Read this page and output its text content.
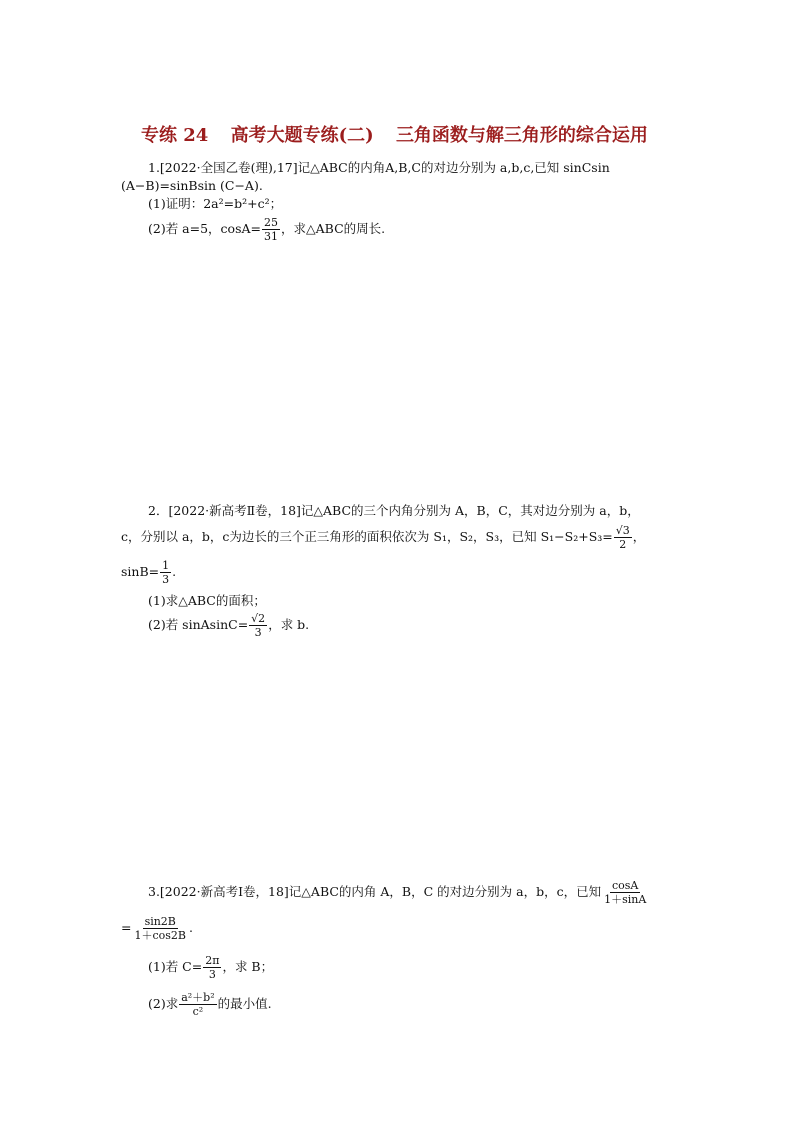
专练 24 高考大题专练(二) 三角函数与解三角形的综合运用
1.[2022·全国乙卷(理),17]记△ABC的内角A,B,C的对边分别为 a,b,c,已知 sinCsin
(A−B)=sinBsin (C−A).
(1)证明：2a²=b²+c²；
(2)若 a=5，$\cos A= \frac{25}{31}$ ，求△ABC的周长.
2．[2022·新高考Ⅱ卷，18]记△ABC的三个内角分别为 A，B，C，其对边分别为 a，b，
c，分别以 a，b，c为边长的三个正三角形的面积依次为 S₁，S₂，S₃，已知 $S_1-S_2+S_3= \frac{√3}{2}$ ，
$\sin B= \frac{1}{3}$ .
(1)求△ABC的面积；
(2)若 sinAsinC= $\frac{√2}{3}$ ，求 b.
3.[2022·新高考Ⅰ卷，18]记△ABC的内角 A，B，C 的对边分别为 a，b，c，已知 $\frac{\cos A}{1+\sin A}$
= $\frac{\sin 2B}{1+\cos 2B}$ .
(1)若 $C= \frac{2\pi}{3}$ ，求 B；
(2)求 $\frac{\text{a²＋b²}}{\text{c²}}$ 的最小值.
